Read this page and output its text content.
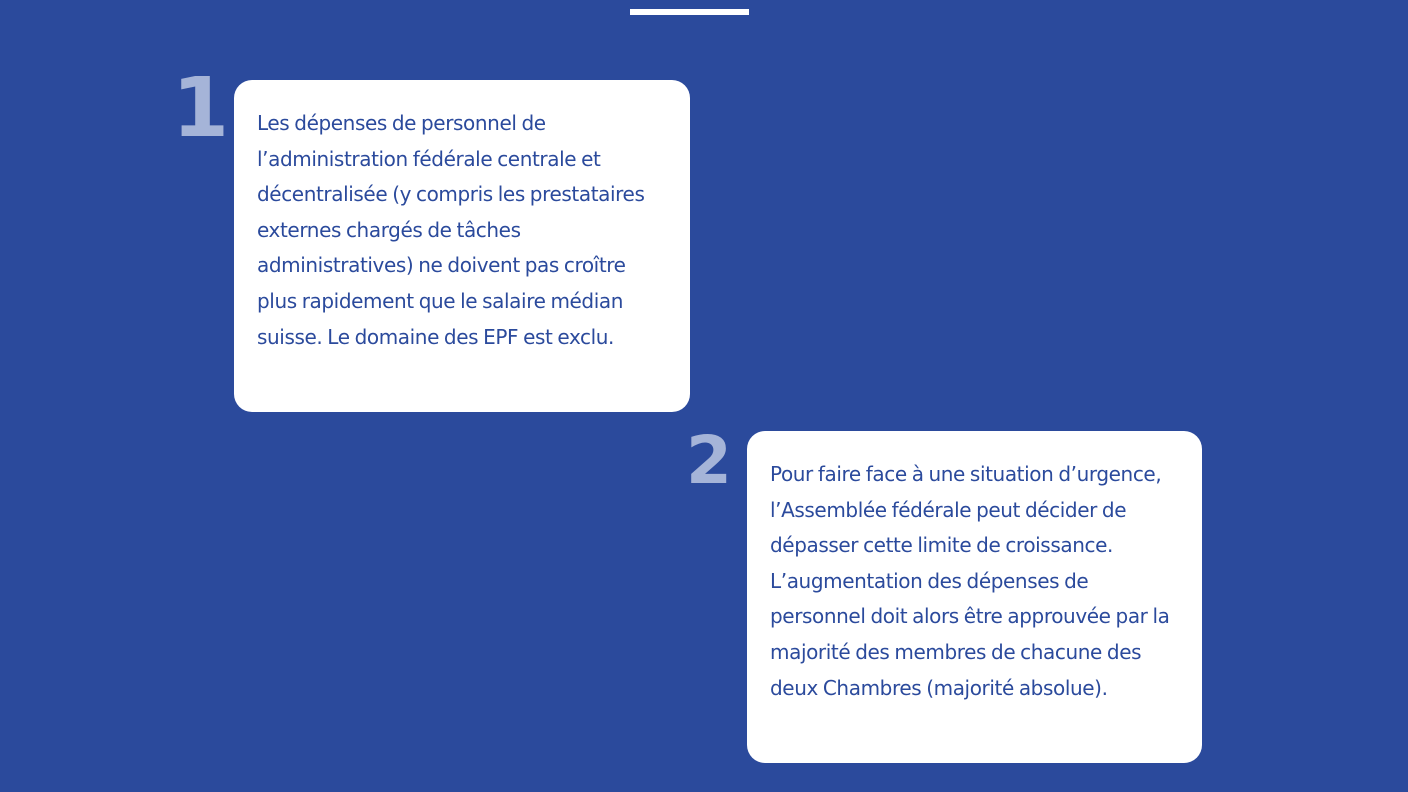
1 Les dépenses de personnel de l’administration fédérale centrale et décentralisée (y compris les prestataires externes chargés de tâches administratives) ne doivent pas croître plus rapidement que le salaire médian suisse. Le domaine des EPF est exclu.

2 Pour faire face à une situation d’urgence, l’Assemblée fédérale peut décider de dépasser cette limite de croissance. L’augmentation des dépenses de personnel doit alors être approuvée par la majorité des membres de chacune des deux Chambres (majorité absolue).
